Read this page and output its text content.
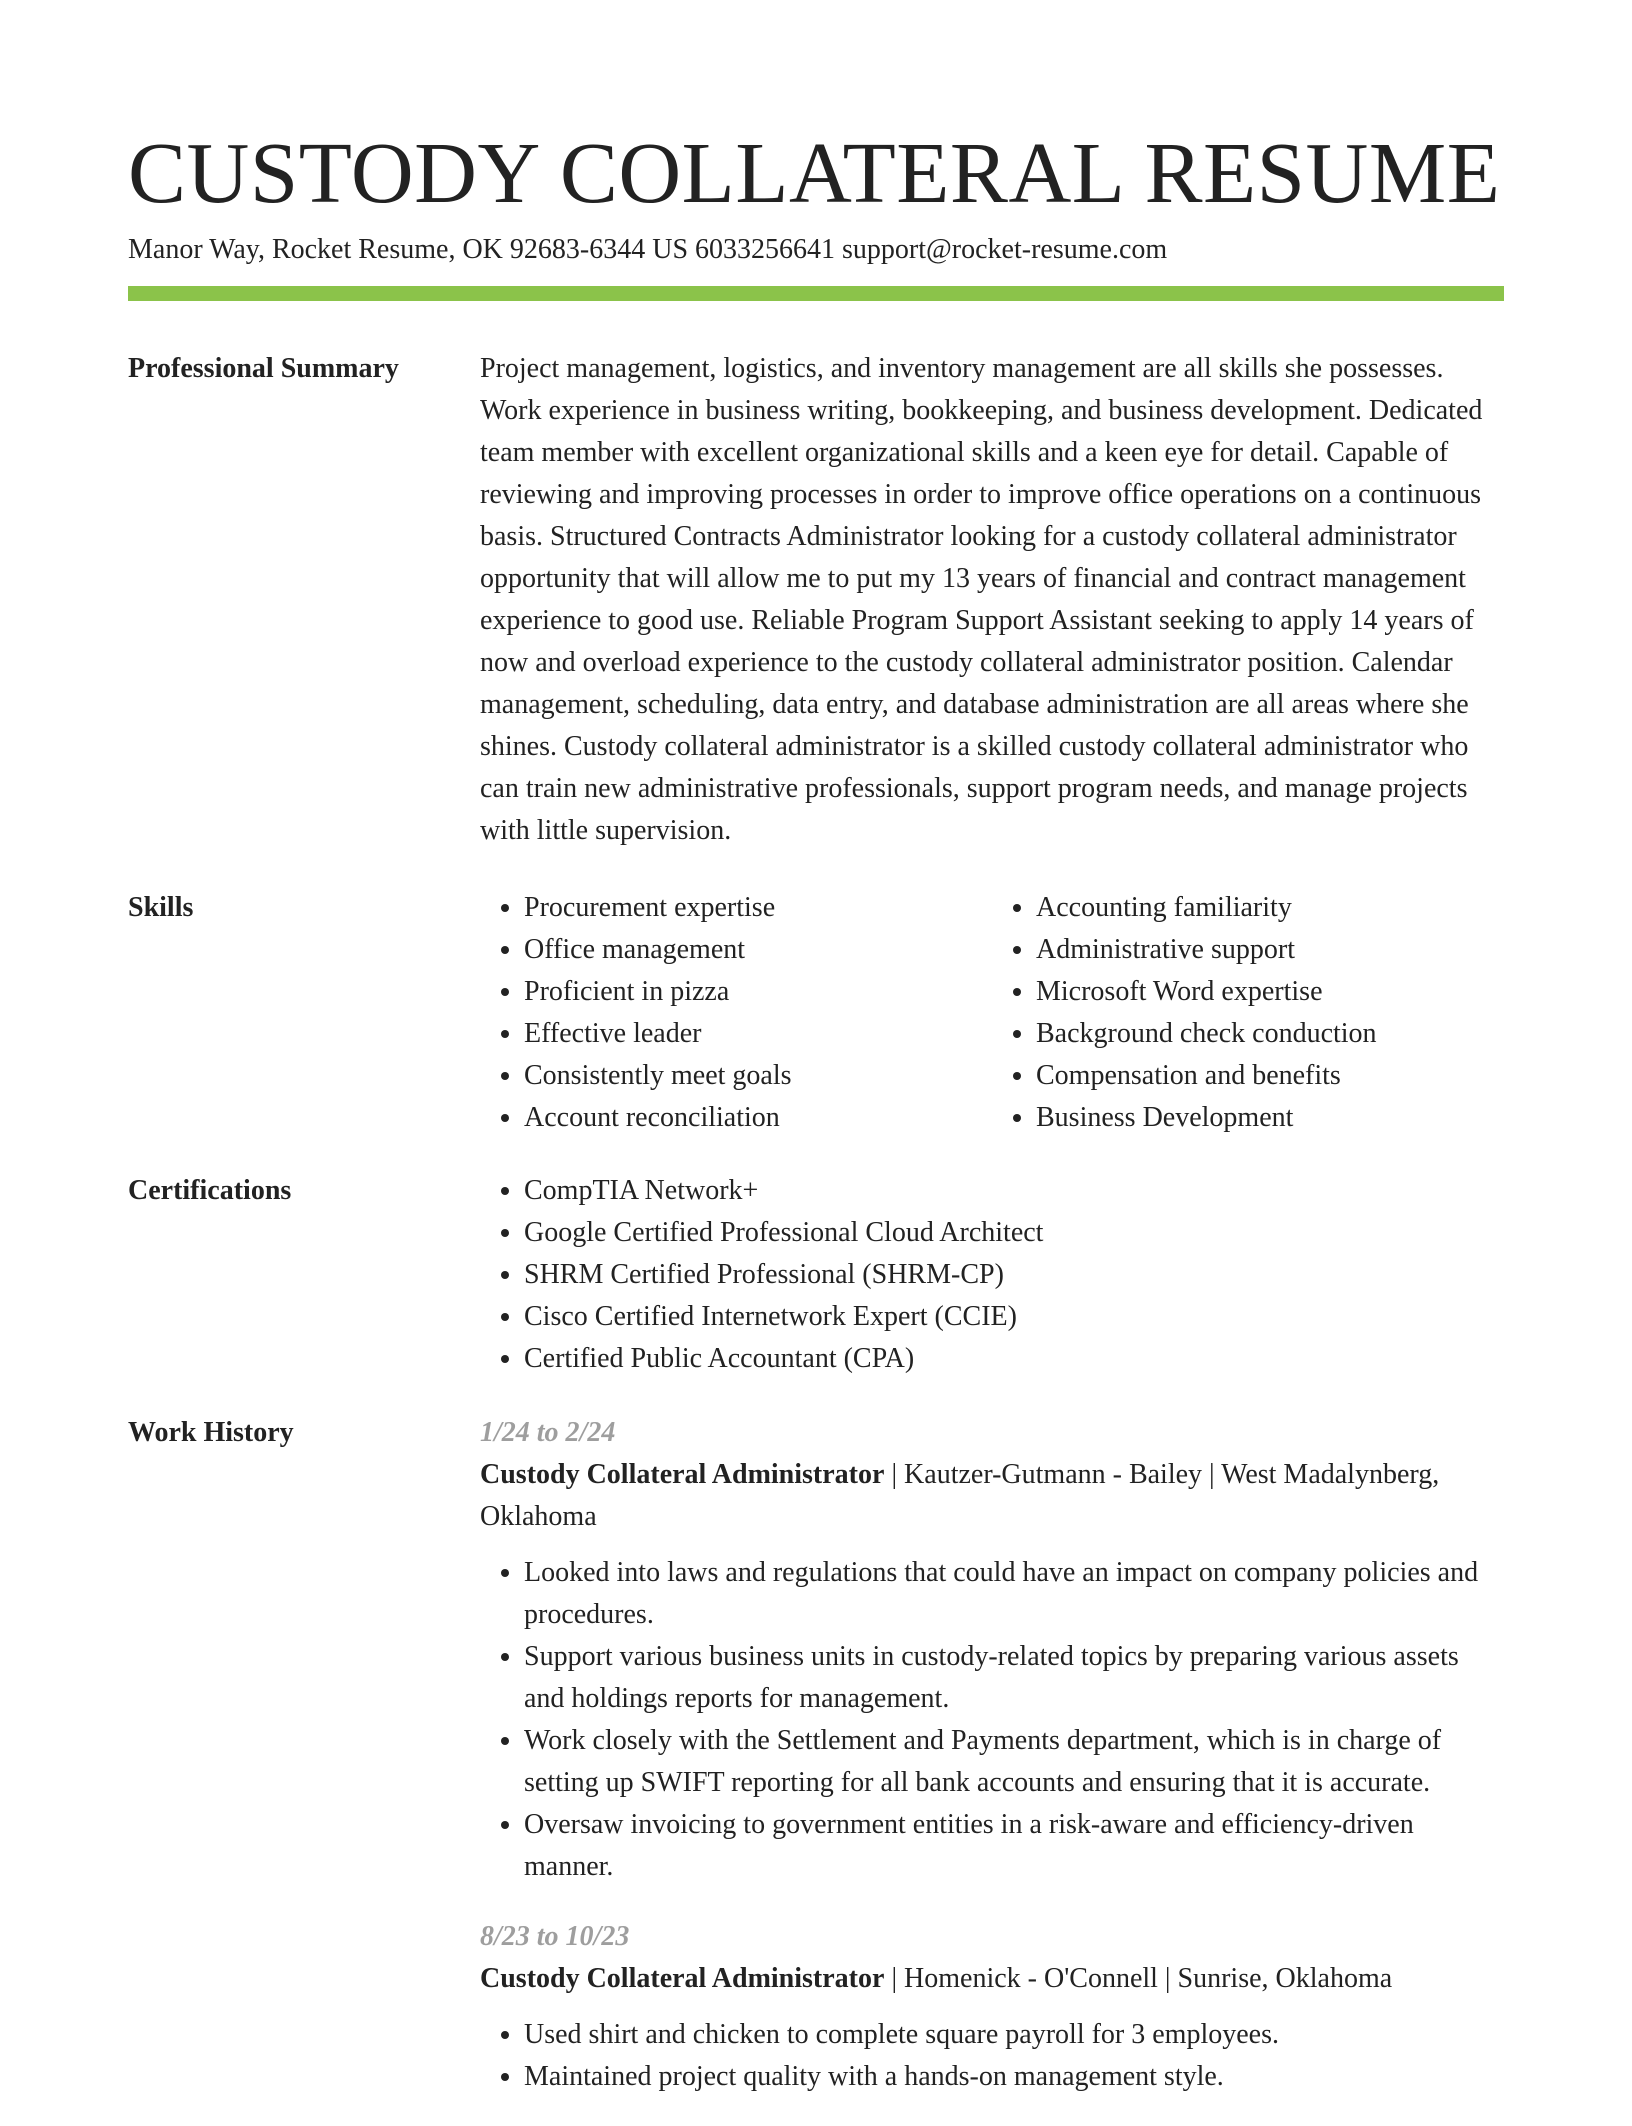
CUSTODY COLLATERAL RESUME
Manor Way, Rocket Resume, OK 92683-6344 US 6033256641 support@rocket-resume.com
Professional Summary	Project management, logistics, and inventory management are all skills she possesses. Work experience in business writing, bookkeeping, and business development. Dedicated team member with excellent organizational skills and a keen eye for detail. Capable of reviewing and improving processes in order to improve office operations on a continuous basis. Structured Contracts Administrator looking for a custody collateral administrator opportunity that will allow me to put my 13 years of financial and contract management experience to good use. Reliable Program Support Assistant seeking to apply 14 years of now and overload experience to the custody collateral administrator position. Calendar management, scheduling, data entry, and database administration are all areas where she shines. Custody collateral administrator is a skilled custody collateral administrator who can train new administrative professionals, support program needs, and manage projects with little supervision.

Skills	• Procurement expertise
• Office management
• Proficient in pizza
• Effective leader
• Consistently meet goals
• Account reconciliation
• Accounting familiarity
• Administrative support
• Microsoft Word expertise
• Background check conduction
• Compensation and benefits
• Business Development
Certifications	• CompTIA Network+
• Google Certified Professional Cloud Architect
• SHRM Certified Professional (SHRM-CP)
• Cisco Certified Internetwork Expert (CCIE)
• Certified Public Accountant (CPA)
Work History	1/24 to 2/24
Custody Collateral Administrator | Kautzer-Gutmann - Bailey | West Madalynberg, Oklahoma
• Looked into laws and regulations that could have an impact on company policies and procedures.
• Support various business units in custody-related topics by preparing various assets and holdings reports for management.
• Work closely with the Settlement and Payments department, which is in charge of setting up SWIFT reporting for all bank accounts and ensuring that it is accurate.
• Oversaw invoicing to government entities in a risk-aware and efficiency-driven manner.
8/23 to 10/23
Custody Collateral Administrator | Homenick - O'Connell | Sunrise, Oklahoma
• Used shirt and chicken to complete square payroll for 3 employees.
• Maintained project quality with a hands-on management style.
